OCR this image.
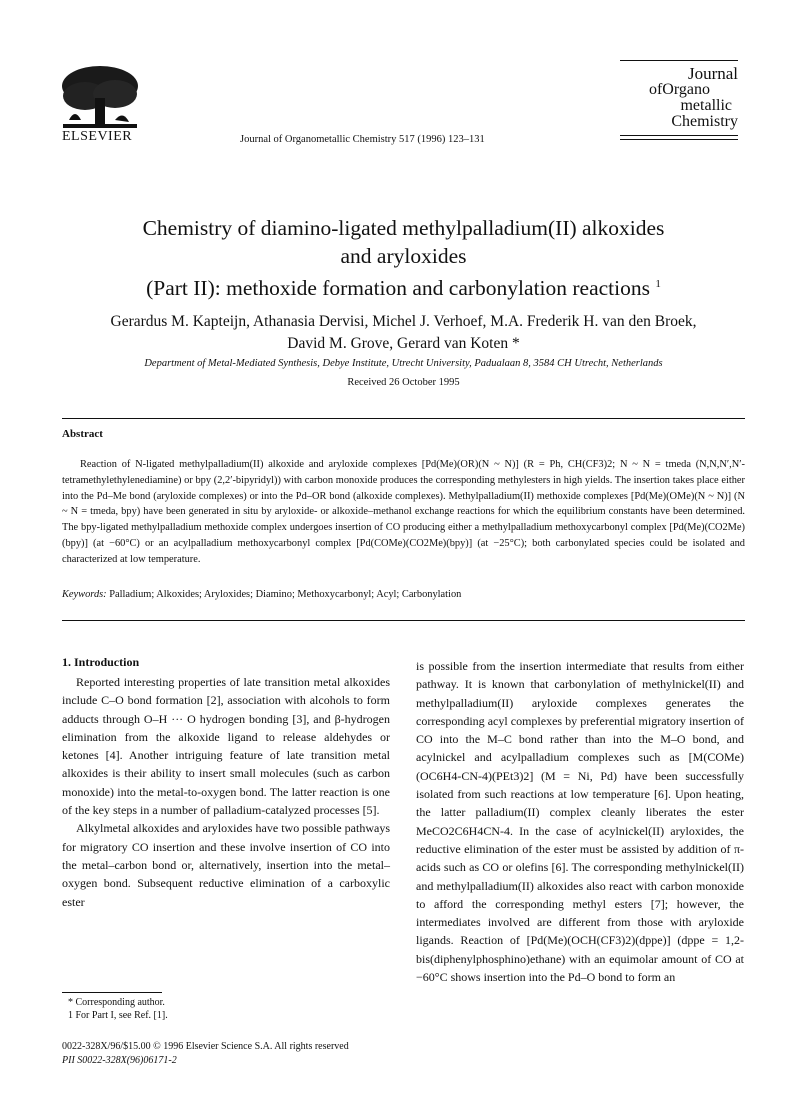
ELSEVIER	Journal of Organometallic Chemistry 517 (1996) 123–131
Journal
ofOrgano
metallic
Chemistry
Chemistry of diamino-ligated methylpalladium(II) alkoxides
and aryloxides
(Part II): methoxide formation and carbonylation reactions $^1$
Gerardus M. Kapteijn, Athanasia Dervisi, Michel J. Verhoef, M.A. Frederik H. van den Broek,
David M. Grove, Gerard van Koten *
Department of Metal-Mediated Synthesis, Debye Institute, Utrecht University, Padualaan 8, 3584 CH Utrecht, Netherlands
Received 26 October 1995
Abstract
Reaction of N-ligated methylpalladium(II) alkoxide and aryloxide complexes [Pd(Me)(OR)(N ~ N)] (R = Ph, CH(CF3)2; N ~ N = tmeda (N,N,N′,N′-tetramethylethylenediamine) or bpy (2,2′-bipyridyl)) with carbon monoxide produces the corresponding methylesters in high yields. The insertion takes place either into the Pd–Me bond (aryloxide complexes) or into the Pd–OR bond (alkoxide complexes). Methylpalladium(II) methoxide complexes [Pd(Me)(OMe)(N ~ N)] (N ~ N = tmeda, bpy) have been generated in situ by aryloxide- or alkoxide–methanol exchange reactions for which the equilibrium constants have been determined. The bpy-ligated methylpalladium methoxide complex undergoes insertion of CO producing either a methylpalladium methoxycarbonyl complex [Pd(Me)(CO2Me)(bpy)] (at −60°C) or an acylpalladium methoxycarbonyl complex [Pd(COMe)(CO2Me)(bpy)] (at −25°C); both carbonylated species could be isolated and characterized at low temperature.
Keywords: Palladium; Alkoxides; Aryloxides; Diamino; Methoxycarbonyl; Acyl; Carbonylation
1. Introduction

Reported interesting properties of late transition metal alkoxides include C–O bond formation [2], association with alcohols to form adducts through O–H ··· O hydrogen bonding [3], and β-hydrogen elimination from the alkoxide ligand to release aldehydes or ketones [4]. Another intriguing feature of late transition metal alkoxides is their ability to insert small molecules (such as carbon monoxide) into the metal-to-oxygen bond. The latter reaction is one of the key steps in a number of palladium-catalyzed processes [5].

Alkylmetal alkoxides and aryloxides have two possible pathways for migratory CO insertion and these involve insertion of CO into the metal–carbon bond or, alternatively, insertion into the metal–oxygen bond. Subsequent reductive elimination of a carboxylic ester

is possible from the insertion intermediate that results from either pathway. It is known that carbonylation of methylnickel(II) and methylpalladium(II) aryloxide complexes generates the corresponding acyl complexes by preferential migratory insertion of CO into the M–C bond rather than into the M–O bond, and acylnickel and acylpalladium complexes such as [M(COMe)(OC6H4-CN-4)(PEt3)2] (M = Ni, Pd) have been successfully isolated from such reactions at low temperature [6]. Upon heating, the latter palladium(II) complex cleanly liberates the ester MeCO2C6H4CN-4. In the case of acylnickel(II) aryloxides, the reductive elimination of the ester must be assisted by addition of π-acids such as CO or olefins [6]. The corresponding methylnickel(II) and methylpalladium(II) alkoxides also react with carbon monoxide to afford the corresponding methyl esters [7]; however, the intermediates involved are different from those with aryloxide ligands. Reaction of [Pd(Me)(OCH(CF3)2)(dppe)] (dppe = 1,2-bis(diphenylphosphino)ethane) with an equimolar amount of CO at −60°C shows insertion into the Pd–O bond to form an

* Corresponding author.
1 For Part I, see Ref. [1].
0022-328X/96/$15.00 © 1996 Elsevier Science S.A. All rights reserved
PII S0022-328X(96)06171-2
